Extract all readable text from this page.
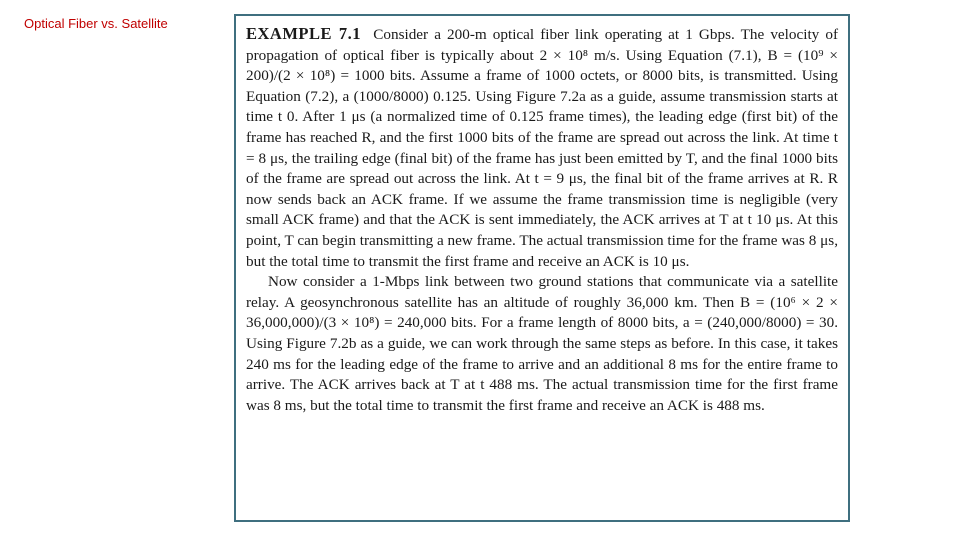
Optical Fiber vs. Satellite

EXAMPLE 7.1 Consider a 200-m optical fiber link operating at 1 Gbps. The velocity of propagation of optical fiber is typically about 2 × 10⁸ m/s. Using Equation (7.1), B = (10⁹ × 200)/(2 × 10⁸) = 1000 bits. Assume a frame of 1000 octets, or 8000 bits, is transmitted. Using Equation (7.2), a (1000/8000) 0.125. Using Figure 7.2a as a guide, assume transmission starts at time t 0. After 1 μs (a normalized time of 0.125 frame times), the leading edge (first bit) of the frame has reached R, and the first 1000 bits of the frame are spread out across the link. At time t = 8 μs, the trailing edge (final bit) of the frame has just been emitted by T, and the final 1000 bits of the frame are spread out across the link. At t = 9 μs, the final bit of the frame arrives at R. R now sends back an ACK frame. If we assume the frame transmission time is negligible (very small ACK frame) and that the ACK is sent immediately, the ACK arrives at T at t 10 μs. At this point, T can begin transmitting a new frame. The actual transmission time for the frame was 8 μs, but the total time to transmit the first frame and receive an ACK is 10 μs.

Now consider a 1-Mbps link between two ground stations that communicate via a satellite relay. A geosynchronous satellite has an altitude of roughly 36,000 km. Then B = (10⁶ × 2 × 36,000,000)/(3 × 10⁸) = 240,000 bits. For a frame length of 8000 bits, a = (240,000/8000) = 30. Using Figure 7.2b as a guide, we can work through the same steps as before. In this case, it takes 240 ms for the leading edge of the frame to arrive and an additional 8 ms for the entire frame to arrive. The ACK arrives back at T at t 488 ms. The actual transmission time for the first frame was 8 ms, but the total time to transmit the first frame and receive an ACK is 488 ms.
